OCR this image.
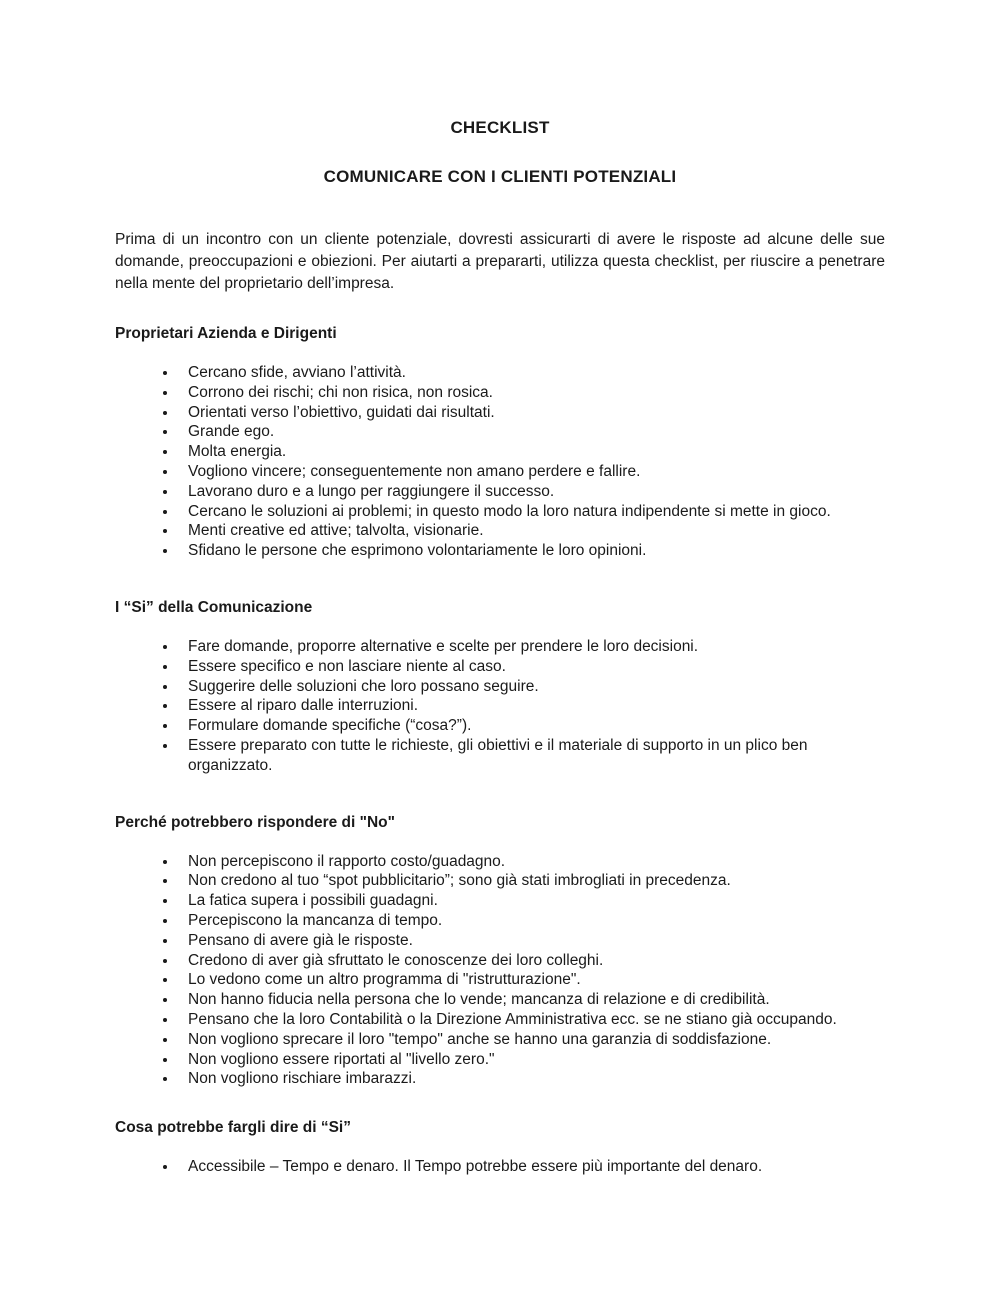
CHECKLIST
COMUNICARE CON I CLIENTI POTENZIALI

Prima di un incontro con un cliente potenziale, dovresti assicurarti di avere le risposte ad alcune delle sue domande, preoccupazioni e obiezioni. Per aiutarti a prepararti, utilizza questa checklist, per riuscire a penetrare nella mente del proprietario dell’impresa.

Proprietari Azienda e Dirigenti
• Cercano sfide, avviano l’attività.
• Corrono dei rischi; chi non risica, non rosica.
• Orientati verso l’obiettivo, guidati dai risultati.
• Grande ego.
• Molta energia.
• Vogliono vincere; conseguentemente non amano perdere e fallire.
• Lavorano duro e a lungo per raggiungere il successo.
• Cercano le soluzioni ai problemi; in questo modo la loro natura indipendente si mette in gioco.
• Menti creative ed attive; talvolta, visionarie.
• Sfidano le persone che esprimono volontariamente le loro opinioni.
I “Si” della Comunicazione
• Fare domande, proporre alternative e scelte per prendere le loro decisioni.
• Essere specifico e non lasciare niente al caso.
• Suggerire delle soluzioni che loro possano seguire.
• Essere al riparo dalle interruzioni.
• Formulare domande specifiche (“cosa?”).
• Essere preparato con tutte le richieste, gli obiettivi e il materiale di supporto in un plico ben organizzato.
Perché potrebbero rispondere di "No"
• Non percepiscono il rapporto costo/guadagno.
• Non credono al tuo “spot pubblicitario”; sono già stati imbrogliati in precedenza.
• La fatica supera i possibili guadagni.
• Percepiscono la mancanza di tempo.
• Pensano di avere già le risposte.
• Credono di aver già sfruttato le conoscenze dei loro colleghi.
• Lo vedono come un altro programma di "ristrutturazione".
• Non hanno fiducia nella persona che lo vende; mancanza di relazione e di credibilità.
• Pensano che la loro Contabilità o la Direzione Amministrativa ecc. se ne stiano già occupando.
• Non vogliono sprecare il loro "tempo" anche se hanno una garanzia di soddisfazione.
• Non vogliono essere riportati al "livello zero."
• Non vogliono rischiare imbarazzi.
Cosa potrebbe fargli dire di “Si”
• Accessibile – Tempo e denaro. Il Tempo potrebbe essere più importante del denaro.
